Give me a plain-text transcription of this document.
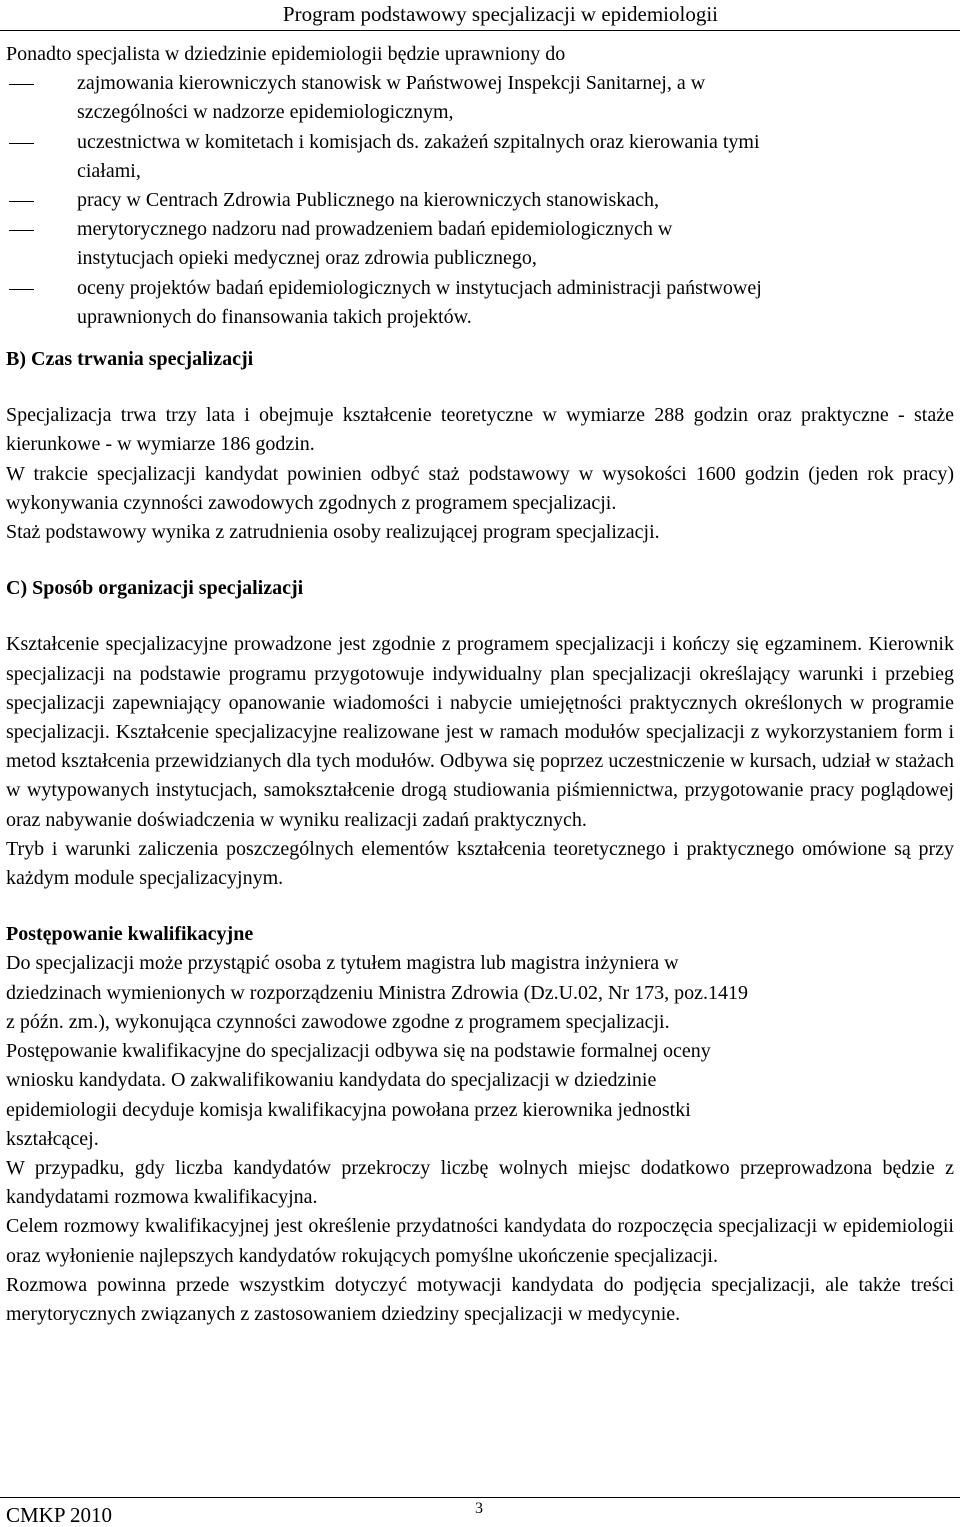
Program podstawowy specjalizacji w epidemiologii

Ponadto specjalista w dziedzinie epidemiologii będzie uprawniony do

zajmowania kierowniczych stanowisk w Państwowej Inspekcji Sanitarnej, a w
szczególności w nadzorze epidemiologicznym,
uczestnictwa w komitetach i komisjach ds. zakażeń szpitalnych oraz kierowania tymi
ciałami,
pracy w Centrach Zdrowia Publicznego na kierowniczych stanowiskach,
merytorycznego nadzoru nad prowadzeniem badań epidemiologicznych w
instytucjach opieki medycznej oraz zdrowia publicznego,
oceny projektów badań epidemiologicznych w instytucjach administracji państwowej
uprawnionych do finansowania takich projektów.

B) Czas trwania specjalizacji

Specjalizacja trwa trzy lata i obejmuje kształcenie teoretyczne w wymiarze 288 godzin oraz praktyczne - staże kierunkowe - w wymiarze 186 godzin.

W trakcie specjalizacji kandydat powinien odbyć staż podstawowy w wysokości 1600 godzin (jeden rok pracy) wykonywania czynności zawodowych zgodnych z programem specjalizacji.

Staż podstawowy wynika z zatrudnienia osoby realizującej program specjalizacji.

C) Sposób organizacji specjalizacji

Kształcenie specjalizacyjne prowadzone jest zgodnie z programem specjalizacji i kończy się egzaminem. Kierownik specjalizacji na podstawie programu przygotowuje indywidualny plan specjalizacji określający warunki i przebieg specjalizacji zapewniający opanowanie wiadomości i nabycie umiejętności praktycznych określonych w programie specjalizacji. Kształcenie specjalizacyjne realizowane jest w ramach modułów specjalizacji z wykorzystaniem form i metod kształcenia przewidzianych dla tych modułów. Odbywa się poprzez uczestniczenie w kursach, udział w stażach w wytypowanych instytucjach, samokształcenie drogą studiowania piśmiennictwa, przygotowanie pracy poglądowej oraz nabywanie doświadczenia w wyniku realizacji zadań praktycznych.

Tryb i warunki zaliczenia poszczególnych elementów kształcenia teoretycznego i praktycznego omówione są przy każdym module specjalizacyjnym.

Postępowanie kwalifikacyjne

Do specjalizacji może przystąpić osoba z tytułem magistra lub magistra inżyniera w
dziedzinach wymienionych w rozporządzeniu Ministra Zdrowia (Dz.U.02, Nr 173, poz.1419
z późn. zm.), wykonująca czynności zawodowe zgodne z programem specjalizacji.

Postępowanie kwalifikacyjne do specjalizacji odbywa się na podstawie formalnej oceny
wniosku kandydata. O zakwalifikowaniu kandydata do specjalizacji w dziedzinie
epidemiologii decyduje komisja kwalifikacyjna powołana przez kierownika jednostki
kształcącej.

W przypadku, gdy liczba kandydatów przekroczy liczbę wolnych miejsc dodatkowo przeprowadzona będzie z kandydatami rozmowa kwalifikacyjna.

Celem rozmowy kwalifikacyjnej jest określenie przydatności kandydata do rozpoczęcia specjalizacji w epidemiologii oraz wyłonienie najlepszych kandydatów rokujących pomyślne ukończenie specjalizacji.

Rozmowa powinna przede wszystkim dotyczyć motywacji kandydata do podjęcia specjalizacji, ale także treści merytorycznych związanych z zastosowaniem dziedziny specjalizacji w medycynie.

CMKP 2010	3
